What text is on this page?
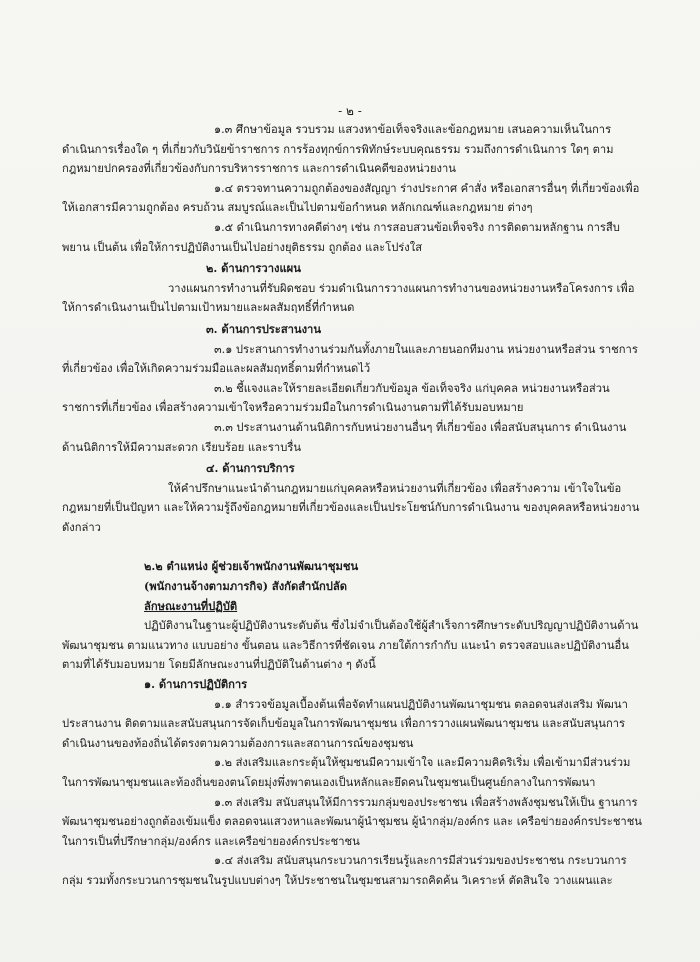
- ๒ -

๑.๓ ศึกษาข้อมูล รวบรวม แสวงหาข้อเท็จจริงและข้อกฎหมาย เสนอความเห็นในการดำเนินการเรื่องใด ๆ ที่เกี่ยวกับวินัยข้าราชการ การร้องทุกข์การพิทักษ์ระบบคุณธรรม รวมถึงการดำเนินการ ใดๆ ตามกฎหมายปกครองที่เกี่ยวข้องกับการบริหารราชการ และการดำเนินคดีของหน่วยงาน

๑.๔ ตรวจทานความถูกต้องของสัญญา ร่างประกาศ คำสั่ง หรือเอกสารอื่นๆ ที่เกี่ยวข้องเพื่อให้เอกสารมีความถูกต้อง ครบถ้วน สมบูรณ์และเป็นไปตามข้อกำหนด หลักเกณฑ์และกฎหมาย ต่างๆ

๑.๕ ดำเนินการทางคดีต่างๆ เช่น การสอบสวนข้อเท็จจริง การติดตามหลักฐาน การสืบพยาน เป็นต้น เพื่อให้การปฏิบัติงานเป็นไปอย่างยุติธรรม ถูกต้อง และโปร่งใส

๒. ด้านการวางแผน

วางแผนการทำงานที่รับผิดชอบ ร่วมดำเนินการวางแผนการทำงานของหน่วยงานหรือโครงการ เพื่อให้การดำเนินงานเป็นไปตามเป้าหมายและผลสัมฤทธิ์ที่กำหนด

๓. ด้านการประสานงาน

๓.๑ ประสานการทำงานร่วมกันทั้งภายในและภายนอกทีมงาน หน่วยงานหรือส่วน ราชการที่เกี่ยวข้อง เพื่อให้เกิดความร่วมมือและผลสัมฤทธิ์ตามที่กำหนดไว้

๓.๒ ชี้แจงและให้รายละเอียดเกี่ยวกับข้อมูล ข้อเท็จจริง แก่บุคคล หน่วยงานหรือส่วนราชการที่เกี่ยวข้อง เพื่อสร้างความเข้าใจหรือความร่วมมือในการดำเนินงานตามที่ได้รับมอบหมาย

๓.๓ ประสานงานด้านนิติการกับหน่วยงานอื่นๆ ที่เกี่ยวข้อง เพื่อสนับสนุนการ ดำเนินงานด้านนิติการให้มีความสะดวก เรียบร้อย และราบรื่น

๔. ด้านการบริการ

ให้คำปรึกษาแนะนำด้านกฎหมายแก่บุคคลหรือหน่วยงานที่เกี่ยวข้อง เพื่อสร้างความ เข้าใจในข้อกฎหมายที่เป็นปัญหา และให้ความรู้ถึงข้อกฎหมายที่เกี่ยวข้องและเป็นประโยชน์กับการดำเนินงาน ของบุคคลหรือหน่วยงานดังกล่าว

๒.๒ ตำแหน่ง ผู้ช่วยเจ้าพนักงานพัฒนาชุมชน

(พนักงานจ้างตามภารกิจ) สังกัดสำนักปลัด

ลักษณะงานที่ปฏิบัติ

ปฏิบัติงานในฐานะผู้ปฏิบัติงานระดับต้น ซึ่งไม่จำเป็นต้องใช้ผู้สำเร็จการศึกษาระดับปริญญาปฏิบัติงานด้านพัฒนาชุมชน ตามแนวทาง แบบอย่าง ขั้นตอน และวิธีการที่ชัดเจน ภายใต้การกำกับ แนะนำ ตรวจสอบและปฏิบัติงานอื่นตามที่ได้รับมอบหมาย โดยมีลักษณะงานที่ปฏิบัติในด้านต่าง ๆ ดังนี้

๑. ด้านการปฏิบัติการ

๑.๑ สำรวจข้อมูลเบื้องต้นเพื่อจัดทำแผนปฏิบัติงานพัฒนาชุมชน ตลอดจนส่งเสริม พัฒนาประสานงาน ติดตามและสนับสนุนการจัดเก็บข้อมูลในการพัฒนาชุมชน เพื่อการวางแผนพัฒนาชุมชน และสนับสนุนการดำเนินงานของท้องถิ่นได้ตรงตามความต้องการและสถานการณ์ของชุมชน

๑.๒ ส่งเสริมและกระตุ้นให้ชุมชนมีความเข้าใจ และมีความคิดริเริ่ม เพื่อเข้ามามีส่วนร่วมในการพัฒนาชุมชนและท้องถิ่นของตนโดยมุ่งพึ่งพาตนเองเป็นหลักและยึดคนในชุมชนเป็นศูนย์กลางในการพัฒนา

๑.๓ ส่งเสริม สนับสนุนให้มีการรวมกลุ่มของประชาชน เพื่อสร้างพลังชุมชนให้เป็น ฐานการพัฒนาชุมชนอย่างถูกต้องเข้มแข็ง ตลอดจนแสวงหาและพัฒนาผู้นำชุมชน ผู้นำกลุ่ม/องค์กร และ เครือข่ายองค์กรประชาชน ในการเป็นที่ปรึกษากลุ่ม/องค์กร และเครือข่ายองค์กรประชาชน

๑.๔ ส่งเสริม สนับสนุนกระบวนการเรียนรู้และการมีส่วนร่วมของประชาชน กระบวนการกลุ่ม รวมทั้งกระบวนการชุมชนในรูปแบบต่างๆ ให้ประชาชนในชุมชนสามารถคิดค้น วิเคราะห์ ตัดสินใจ วางแผนและ
